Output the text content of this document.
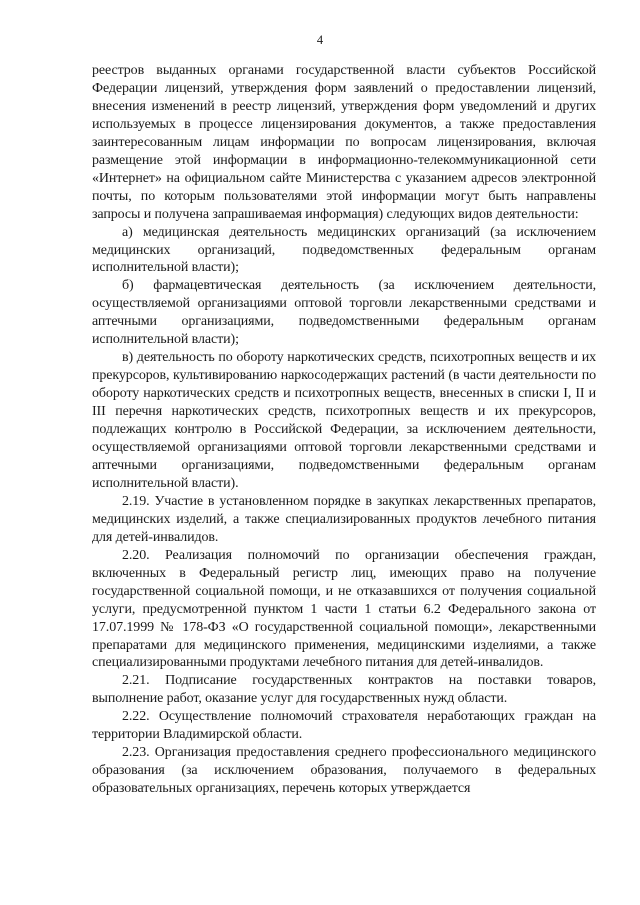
4

реестров выданных органами государственной власти субъектов Российской Федерации лицензий, утверждения форм заявлений о предоставлении лицензий, внесения изменений в реестр лицензий, утверждения форм уведомлений и других используемых в процессе лицензирования документов, а также предоставления заинтересованным лицам информации по вопросам лицензирования, включая размещение этой информации в информационно-телекоммуникационной сети «Интернет» на официальном сайте Министерства с указанием адресов электронной почты, по которым пользователями этой информации могут быть направлены запросы и получена запрашиваемая информация) следующих видов деятельности:

а) медицинская деятельность медицинских организаций (за исключением медицинских организаций, подведомственных федеральным органам исполнительной власти);

б) фармацевтическая деятельность (за исключением деятельности, осуществляемой организациями оптовой торговли лекарственными средствами и аптечными организациями, подведомственными федеральным органам исполнительной власти);

в) деятельность по обороту наркотических средств, психотропных веществ и их прекурсоров, культивированию наркосодержащих растений (в части деятельности по обороту наркотических средств и психотропных веществ, внесенных в списки I, II и III перечня наркотических средств, психотропных веществ и их прекурсоров, подлежащих контролю в Российской Федерации, за исключением деятельности, осуществляемой организациями оптовой торговли лекарственными средствами и аптечными организациями, подведомственными федеральным органам исполнительной власти).

2.19. Участие в установленном порядке в закупках лекарственных препаратов, медицинских изделий, а также специализированных продуктов лечебного питания для детей-инвалидов.

2.20. Реализация полномочий по организации обеспечения граждан, включенных в Федеральный регистр лиц, имеющих право на получение государственной социальной помощи, и не отказавшихся от получения социальной услуги, предусмотренной пунктом 1 части 1 статьи 6.2 Федерального закона от 17.07.1999 № 178-ФЗ «О государственной социальной помощи», лекарственными препаратами для медицинского применения, медицинскими изделиями, а также специализированными продуктами лечебного питания для детей-инвалидов.

2.21. Подписание государственных контрактов на поставки товаров, выполнение работ, оказание услуг для государственных нужд области.

2.22. Осуществление полномочий страхователя неработающих граждан на территории Владимирской области.

2.23. Организация предоставления среднего профессионального медицинского образования (за исключением образования, получаемого в федеральных образовательных организациях, перечень которых утверждается
